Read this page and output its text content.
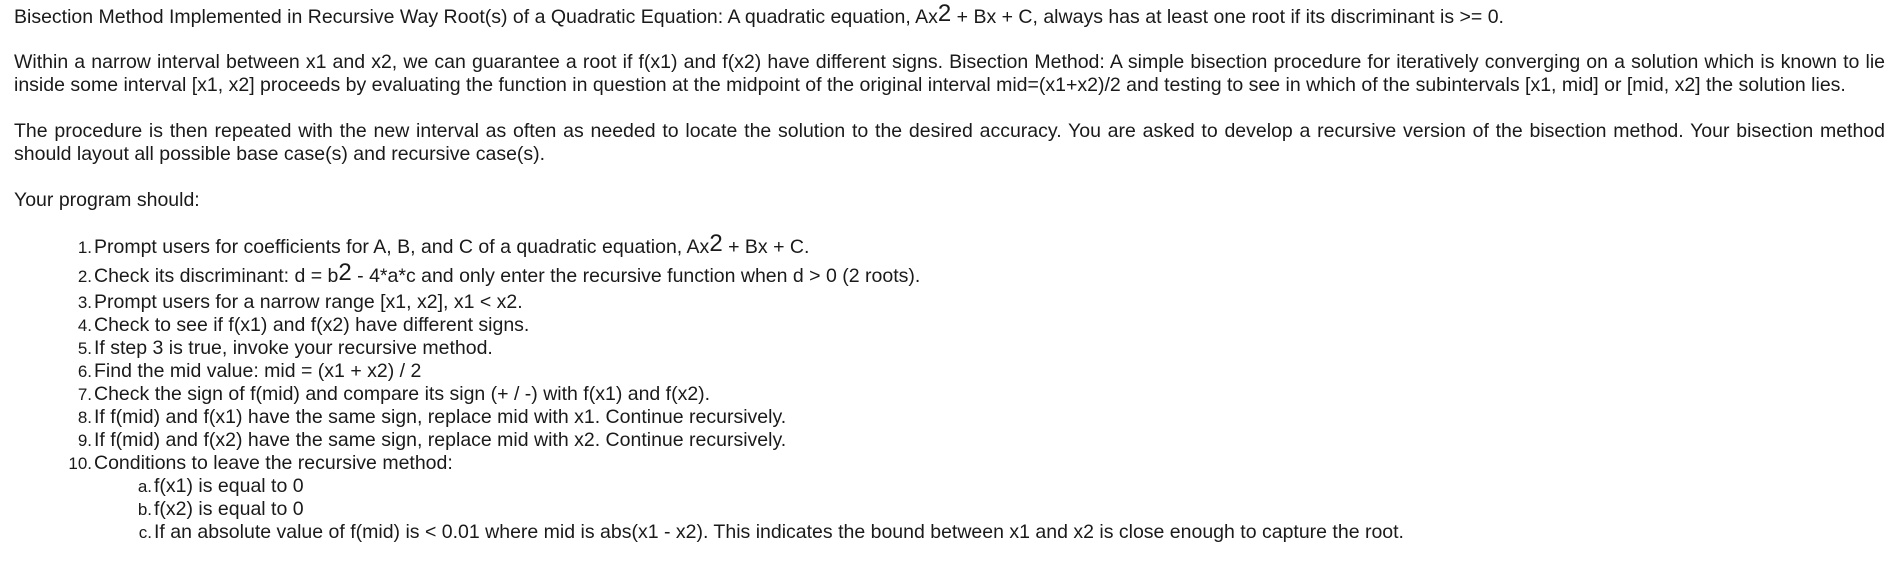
Bisection Method Implemented in Recursive Way Root(s) of a Quadratic Equation: A quadratic equation, $Ax^2 + Bx + C$, always has at least one root if its discriminant is >= 0.

Within a narrow interval between x1 and x2, we can guarantee a root if f(x1) and f(x2) have different signs. Bisection Method: A simple bisection procedure for iteratively converging on a solution which is known to lie inside some interval [x1, x2] proceeds by evaluating the function in question at the midpoint of the original interval mid=(x1+x2)/2 and testing to see in which of the subintervals [x1, mid] or [mid, x2] the solution lies.

The procedure is then repeated with the new interval as often as needed to locate the solution to the desired accuracy. You are asked to develop a recursive version of the bisection method. Your bisection method should layout all possible base case(s) and recursive case(s).

Your program should:

1. Prompt users for coefficients for A, B, and C of a quadratic equation, $Ax^2 + Bx + C$.
2. Check its discriminant: $d = b^2 - 4*a*c$ and only enter the recursive function when d > 0 (2 roots).
3. Prompt users for a narrow range [x1, x2], x1 < x2.
4. Check to see if f(x1) and f(x2) have different signs.
5. If step 3 is true, invoke your recursive method.
6. Find the mid value: mid = (x1 + x2) / 2
7. Check the sign of f(mid) and compare its sign (+ / -) with f(x1) and f(x2).
8. If f(mid) and f(x1) have the same sign, replace mid with x1. Continue recursively.
9. If f(mid) and f(x2) have the same sign, replace mid with x2. Continue recursively.
10. Conditions to leave the recursive method:
a. f(x1) is equal to 0
b. f(x2) is equal to 0
c. If an absolute value of f(mid) is < 0.01 where mid is abs(x1 - x2). This indicates the bound between x1 and x2 is close enough to capture the root.
